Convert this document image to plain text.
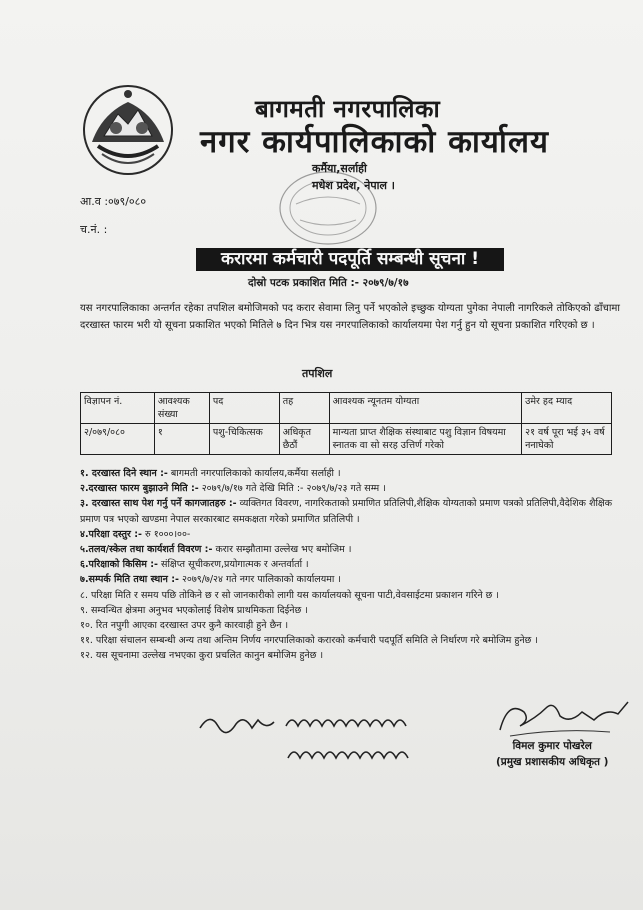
बागमती नगरपालिका
नगर कार्यपालिकाको कार्यालय
कर्मैया,सर्लाही
मधेश प्रदेश, नेपाल ।
आ.व :०७९/०८०
च.नं. :
करारमा कर्मचारी पदपूर्ति सम्बन्धी सूचना !
दोस्रो पटक प्रकाशित मिति :- २०७९/७/१७

यस नगरपालिकाका अन्तर्गत रहेका तपशिल बमोजिमको पद करार सेवामा लिनु पर्ने भएकोले इच्छुक योग्यता पुगेका नेपाली नागरिकले तोकिएको ढाँचामा दरखास्त फारम भरी यो सूचना प्रकाशित भएको मितिले ७ दिन भित्र यस नगरपालिकाको कार्यालयमा पेश गर्नु हुन यो सूचना प्रकाशित गरिएको छ ।

तपशिल
विज्ञापन नं.	आवश्यक संख्या	पद	तह	आवश्यक न्यूनतम योग्यता	उमेर हद म्याद
२/०७९/०८०	१	पशु-चिकित्सक	अधिकृत छैठौं	मान्यता प्राप्त शैक्षिक संस्थाबाट पशु विज्ञान विषयमा स्नातक वा सो सरह उत्तिर्ण गरेको	२१ वर्ष पूरा भई ३५ वर्ष ननाघेको

१. दरखास्त दिने स्थान :- बागमती नगरपालिकाको कार्यालय,कर्मैया सर्लाही ।

२.दरखास्त फारम बुझाउने मिति :- २०७९/७/१७ गते देखि मिति :- २०७९/७/२३ गते सम्म ।

३. दरखास्त साथ पेश गर्नु पर्ने कागजातहरु :- व्यक्तिगत विवरण, नागरिकताको प्रमाणित प्रतिलिपी,शैक्षिक योग्यताको प्रमाण पत्रको प्रतिलिपी,वैदेशिक शैक्षिक प्रमाण पत्र भएको खण्डमा नेपाल सरकारबाट समकक्षता गरेको प्रमाणित प्रतिलिपी ।

४.परिक्षा दस्तुर :- रु १०००।००-

५.तलव/स्केल तथा कार्यशर्त विवरण :- करार सम्झौतामा उल्लेख भए बमोजिम ।

६.परिक्षाको किसिम :- संक्षिप्त सूचीकरण,प्रयोगात्मक र अन्तर्वार्ता ।

७.सम्पर्क मिति तथा स्थान :- २०७९/७/२४ गते नगर पालिकाको कार्यालयमा ।

८. परिक्षा मिति र समय पछि तोकिने छ र सो जानकारीको लागी यस कार्यालयको सूचना पाटी,वेवसाईटमा प्रकाशन गरिने छ ।

९. सम्वन्धित क्षेत्रमा अनुभव भएकोलाई विशेष प्राथमिकता दिईनेछ ।

१०. रित नपुगी आएका दरखास्त उपर कुनै कारवाही हुने छैन ।

११. परिक्षा संचालन सम्बन्धी अन्य तथा अन्तिम निर्णय नगरपालिकाको करारको कर्मचारी पदपूर्ति समिति ले निर्धारण गरे बमोजिम हुनेछ ।

१२. यस सूचनामा उल्लेख नभएका कुरा प्रचलित कानुन बमोजिम हुनेछ ।

विमल कुमार पोखरेल
(प्रमुख प्रशासकीय अधिकृत )
